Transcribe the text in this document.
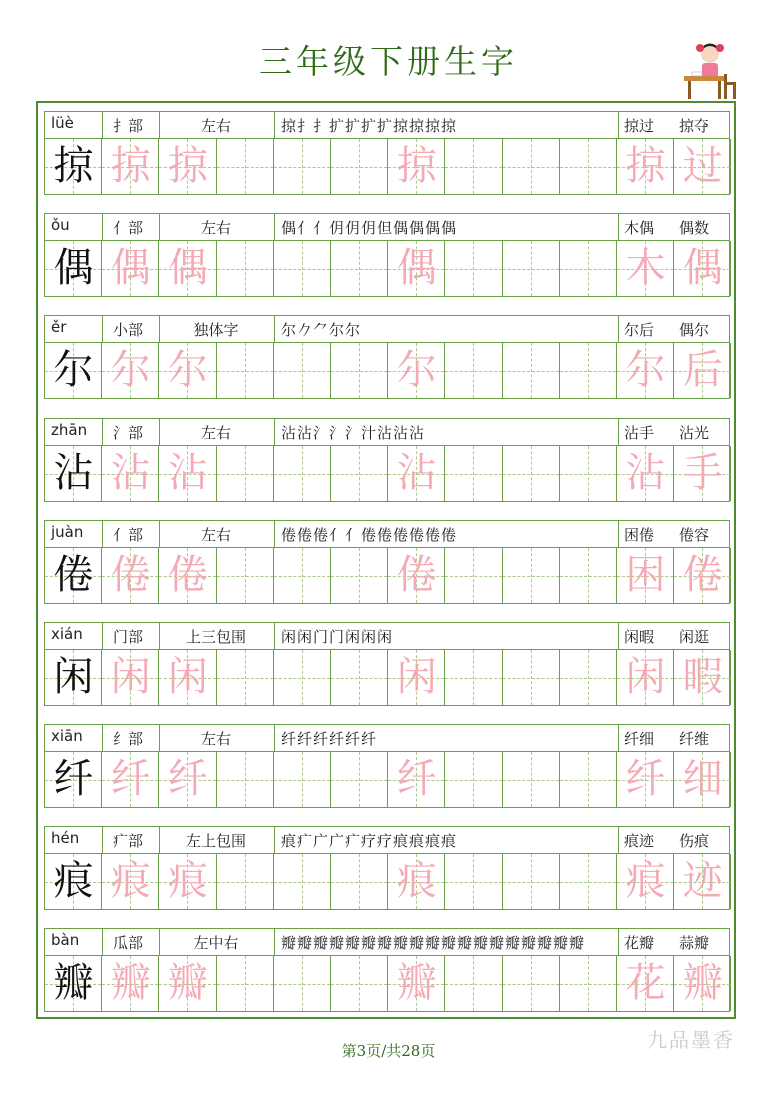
三年级下册生字
lüè	扌部	左右	掠扌扌扩扩扩扩掠掠掠掠	掠过 掠夺
掠 掠 掠	掠	掠 过
ǒu	亻部	左右	偶亻亻仴仴仴但偶偶偶偶	木偶 偶数
偶 偶 偶	偶	木 偶
ěr	小部	独体字	尔𠂊⺈尔尔	尔后 偶尔
尔 尔 尔	尔	尔 后
zhān 氵部	左右	沾沾氵氵氵汁沾沾沾	沾手 沾光
沾 沾 沾	沾	沾 手
juàn 亻部	左右	倦倦倦亻亻倦倦倦倦倦倦	困倦 倦容
倦 倦 倦	倦	困 倦
xián 门部	上三包围	闲闲门门闲闲闲	闲暇 闲逛
闲 闲 闲	闲	闲 暇
xiān 纟部	左右	纤纤纤纤纤纤	纤细 纤维
纤 纤 纤	纤	纤 细
hén 疒部	左上包围	痕疒广广疒疗疗痕痕痕痕	痕迹 伤痕
痕 痕 痕	痕	痕 迹
bàn 瓜部	左中右	瓣瓣瓣瓣瓣瓣瓣瓣瓣瓣瓣瓣瓣瓣瓣瓣瓣瓣瓣	花瓣 蒜瓣
瓣 瓣 瓣	瓣	花 瓣
九品墨香
第3页/共28页
